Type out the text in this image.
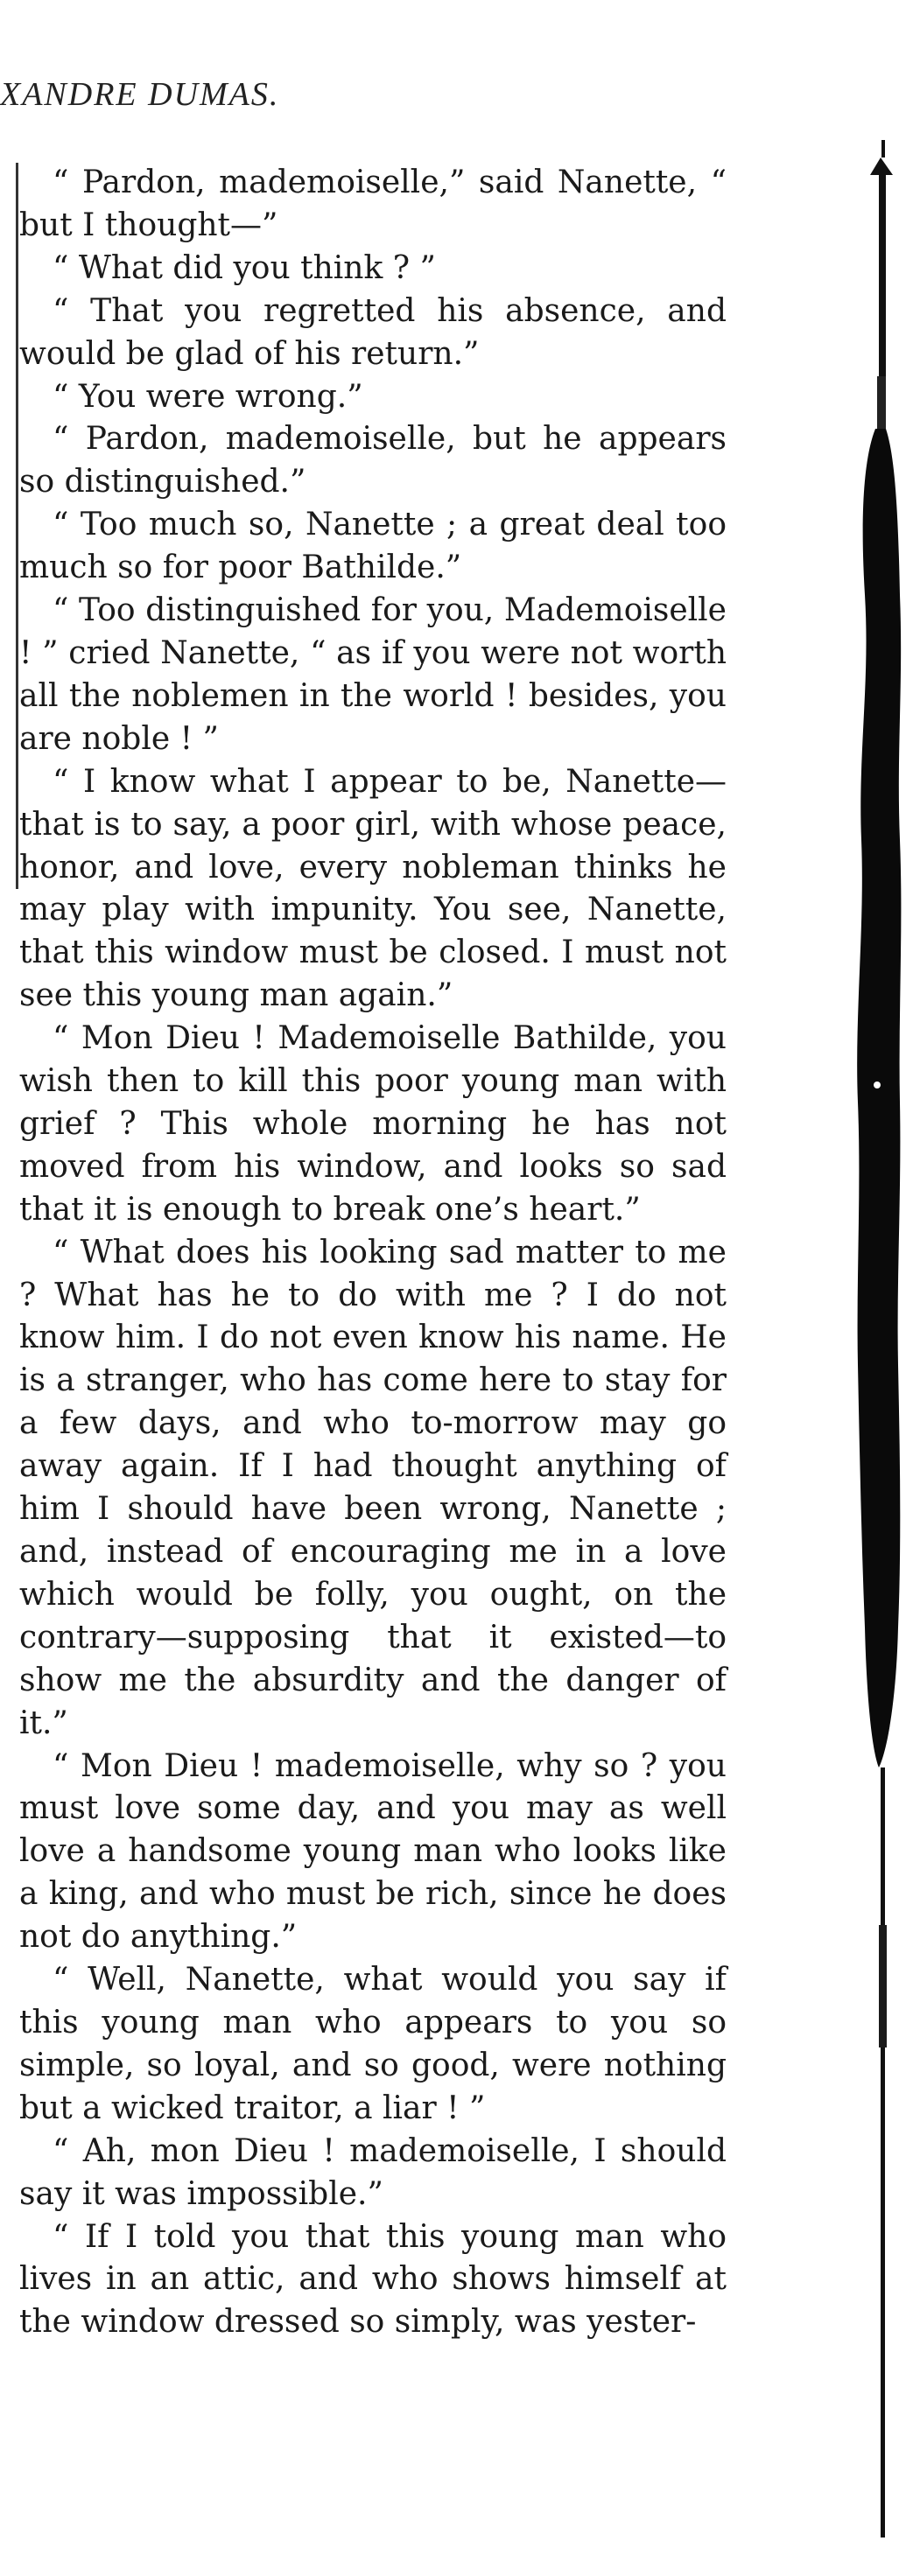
XANDRE DUMAS.

“ Pardon, mademoiselle,” said Nanette, “ but I thought—”

“ What did you think ? ”

“ That you regretted his absence, and would be glad of his return.”

“ You were wrong.”

“ Pardon, mademoiselle, but he appears so distinguished.”

“ Too much so, Nanette ; a great deal too much so for poor Bathilde.”

“ Too distinguished for you, Mademoiselle ! ” cried Nanette, “ as if you were not worth all the noblemen in the world ! besides, you are noble ! ”

“ I know what I appear to be, Nanette—that is to say, a poor girl, with whose peace, honor, and love, every nobleman thinks he may play with impunity. You see, Nanette, that this window must be closed. I must not see this young man again.”

“ Mon Dieu ! Mademoiselle Bathilde, you wish then to kill this poor young man with grief ? This whole morning he has not moved from his window, and looks so sad that it is enough to break one’s heart.”

“ What does his looking sad matter to me ? What has he to do with me ? I do not know him. I do not even know his name. He is a stranger, who has come here to stay for a few days, and who to-morrow may go away again. If I had thought anything of him I should have been wrong, Nanette ; and, instead of encouraging me in a love which would be folly, you ought, on the contrary—supposing that it existed—to show me the absurdity and the danger of it.”

“ Mon Dieu ! mademoiselle, why so ? you must love some day, and you may as well love a handsome young man who looks like a king, and who must be rich, since he does not do anything.”

“ Well, Nanette, what would you say if this young man who appears to you so simple, so loyal, and so good, were nothing but a wicked traitor, a liar ! ”

“ Ah, mon Dieu ! mademoiselle, I should say it was impossible.”

“ If I told you that this young man who lives in an attic, and who shows himself at the window dressed so simply, was yester-
